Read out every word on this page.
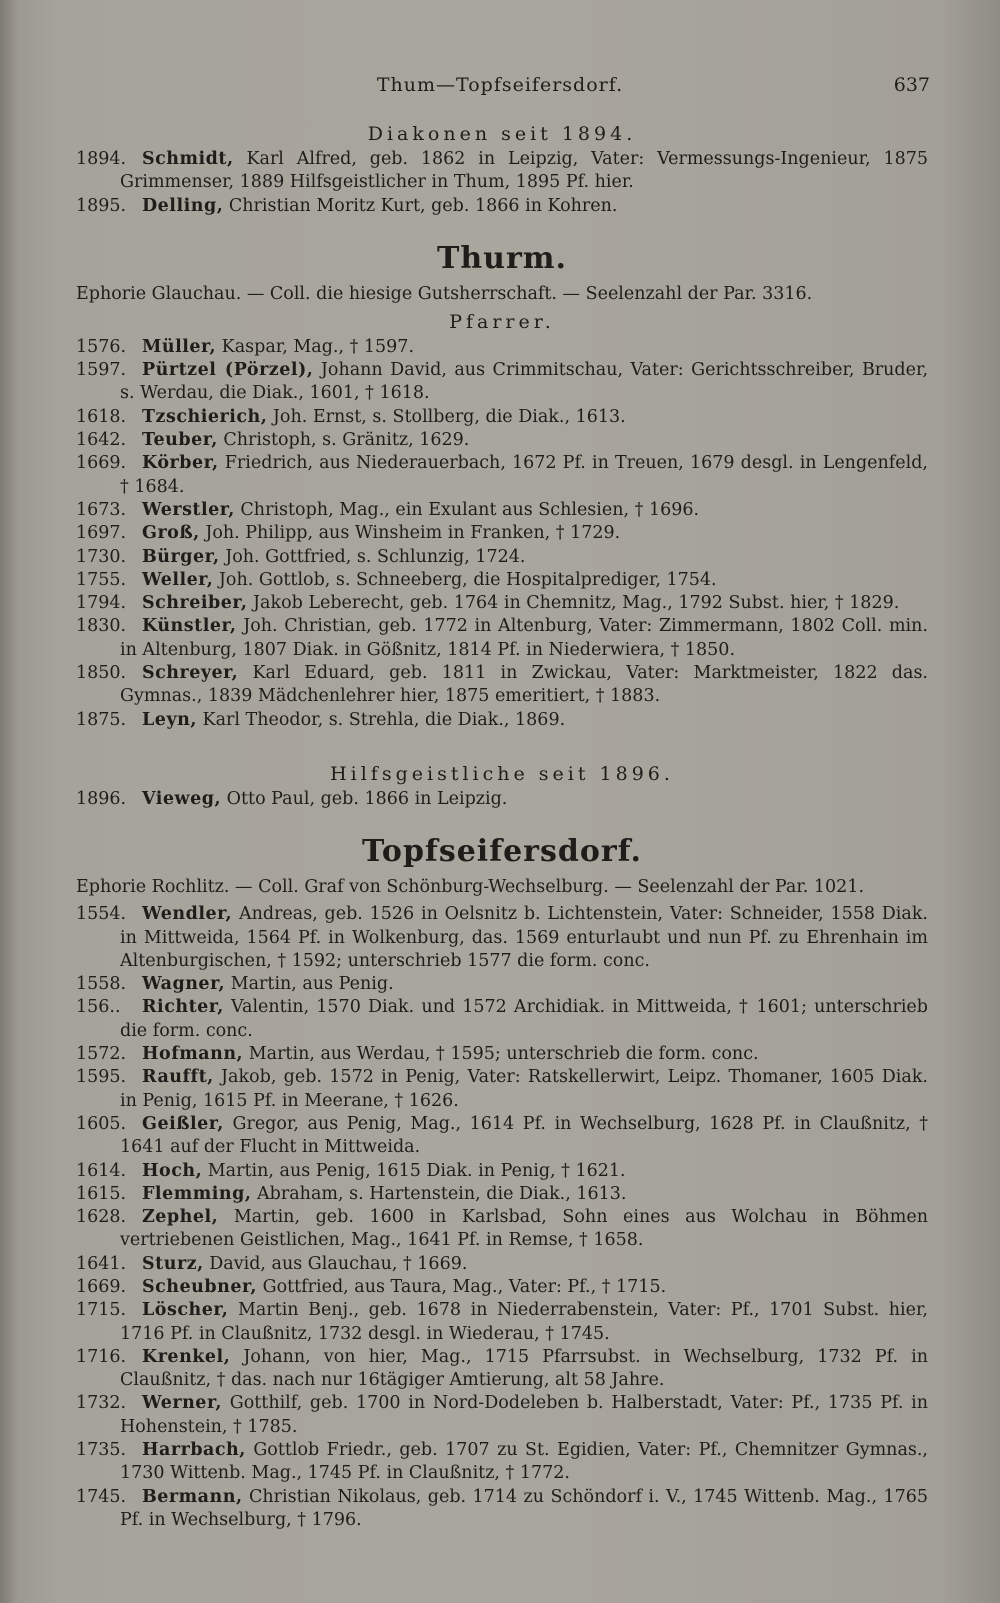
Thum—Topfseifersdorf.	637
Diakonen seit 1894.
1894. Schmidt, Karl Alfred, geb. 1862 in Leipzig, Vater: Vermessungs-Ingenieur, 1875 Grimmenser, 1889 Hilfsgeistlicher in Thum, 1895 Pf. hier.
1895. Delling, Christian Moritz Kurt, geb. 1866 in Kohren.
Thurm.
Ephorie Glauchau. — Coll. die hiesige Gutsherrschaft. — Seelenzahl der Par. 3316.
Pfarrer.
1576. Müller, Kaspar, Mag., † 1597.
1597. Pürtzel (Pörzel), Johann David, aus Crimmitschau, Vater: Gerichtsschreiber, Bruder, s. Werdau, die Diak., 1601, † 1618.
1618. Tzschierich, Joh. Ernst, s. Stollberg, die Diak., 1613.
1642. Teuber, Christoph, s. Gränitz, 1629.
1669. Körber, Friedrich, aus Niederauerbach, 1672 Pf. in Treuen, 1679 desgl. in Lengenfeld, † 1684.
1673. Werstler, Christoph, Mag., ein Exulant aus Schlesien, † 1696.
1697. Groß, Joh. Philipp, aus Winsheim in Franken, † 1729.
1730. Bürger, Joh. Gottfried, s. Schlunzig, 1724.
1755. Weller, Joh. Gottlob, s. Schneeberg, die Hospitalprediger, 1754.
1794. Schreiber, Jakob Leberecht, geb. 1764 in Chemnitz, Mag., 1792 Subst. hier, † 1829.
1830. Künstler, Joh. Christian, geb. 1772 in Altenburg, Vater: Zimmermann, 1802 Coll. min. in Altenburg, 1807 Diak. in Gößnitz, 1814 Pf. in Niederwiera, † 1850.
1850. Schreyer, Karl Eduard, geb. 1811 in Zwickau, Vater: Marktmeister, 1822 das. Gymnas., 1839 Mädchenlehrer hier, 1875 emeritiert, † 1883.
1875. Leyn, Karl Theodor, s. Strehla, die Diak., 1869.
Hilfsgeistliche seit 1896.
1896. Vieweg, Otto Paul, geb. 1866 in Leipzig.
Topfseifersdorf.
Ephorie Rochlitz. — Coll. Graf von Schönburg-Wechselburg. — Seelenzahl der Par. 1021.
1554. Wendler, Andreas, geb. 1526 in Oelsnitz b. Lichtenstein, Vater: Schneider, 1558 Diak. in Mittweida, 1564 Pf. in Wolkenburg, das. 1569 enturlaubt und nun Pf. zu Ehrenhain im Altenburgischen, † 1592; unterschrieb 1577 die form. conc.
1558. Wagner, Martin, aus Penig.
156.. Richter, Valentin, 1570 Diak. und 1572 Archidiak. in Mittweida, † 1601; unterschrieb die form. conc.
1572. Hofmann, Martin, aus Werdau, † 1595; unterschrieb die form. conc.
1595. Raufft, Jakob, geb. 1572 in Penig, Vater: Ratskellerwirt, Leipz. Thomaner, 1605 Diak. in Penig, 1615 Pf. in Meerane, † 1626.
1605. Geißler, Gregor, aus Penig, Mag., 1614 Pf. in Wechselburg, 1628 Pf. in Claußnitz, † 1641 auf der Flucht in Mittweida.
1614. Hoch, Martin, aus Penig, 1615 Diak. in Penig, † 1621.
1615. Flemming, Abraham, s. Hartenstein, die Diak., 1613.
1628. Zephel, Martin, geb. 1600 in Karlsbad, Sohn eines aus Wolchau in Böhmen vertriebenen Geistlichen, Mag., 1641 Pf. in Remse, † 1658.
1641. Sturz, David, aus Glauchau, † 1669.
1669. Scheubner, Gottfried, aus Taura, Mag., Vater: Pf., † 1715.
1715. Löscher, Martin Benj., geb. 1678 in Niederrabenstein, Vater: Pf., 1701 Subst. hier, 1716 Pf. in Claußnitz, 1732 desgl. in Wiederau, † 1745.
1716. Krenkel, Johann, von hier, Mag., 1715 Pfarrsubst. in Wechselburg, 1732 Pf. in Claußnitz, † das. nach nur 16tägiger Amtierung, alt 58 Jahre.
1732. Werner, Gotthilf, geb. 1700 in Nord-Dodeleben b. Halberstadt, Vater: Pf., 1735 Pf. in Hohenstein, † 1785.
1735. Harrbach, Gottlob Friedr., geb. 1707 zu St. Egidien, Vater: Pf., Chemnitzer Gymnas., 1730 Wittenb. Mag., 1745 Pf. in Claußnitz, † 1772.
1745. Bermann, Christian Nikolaus, geb. 1714 zu Schöndorf i. V., 1745 Wittenb. Mag., 1765 Pf. in Wechselburg, † 1796.
